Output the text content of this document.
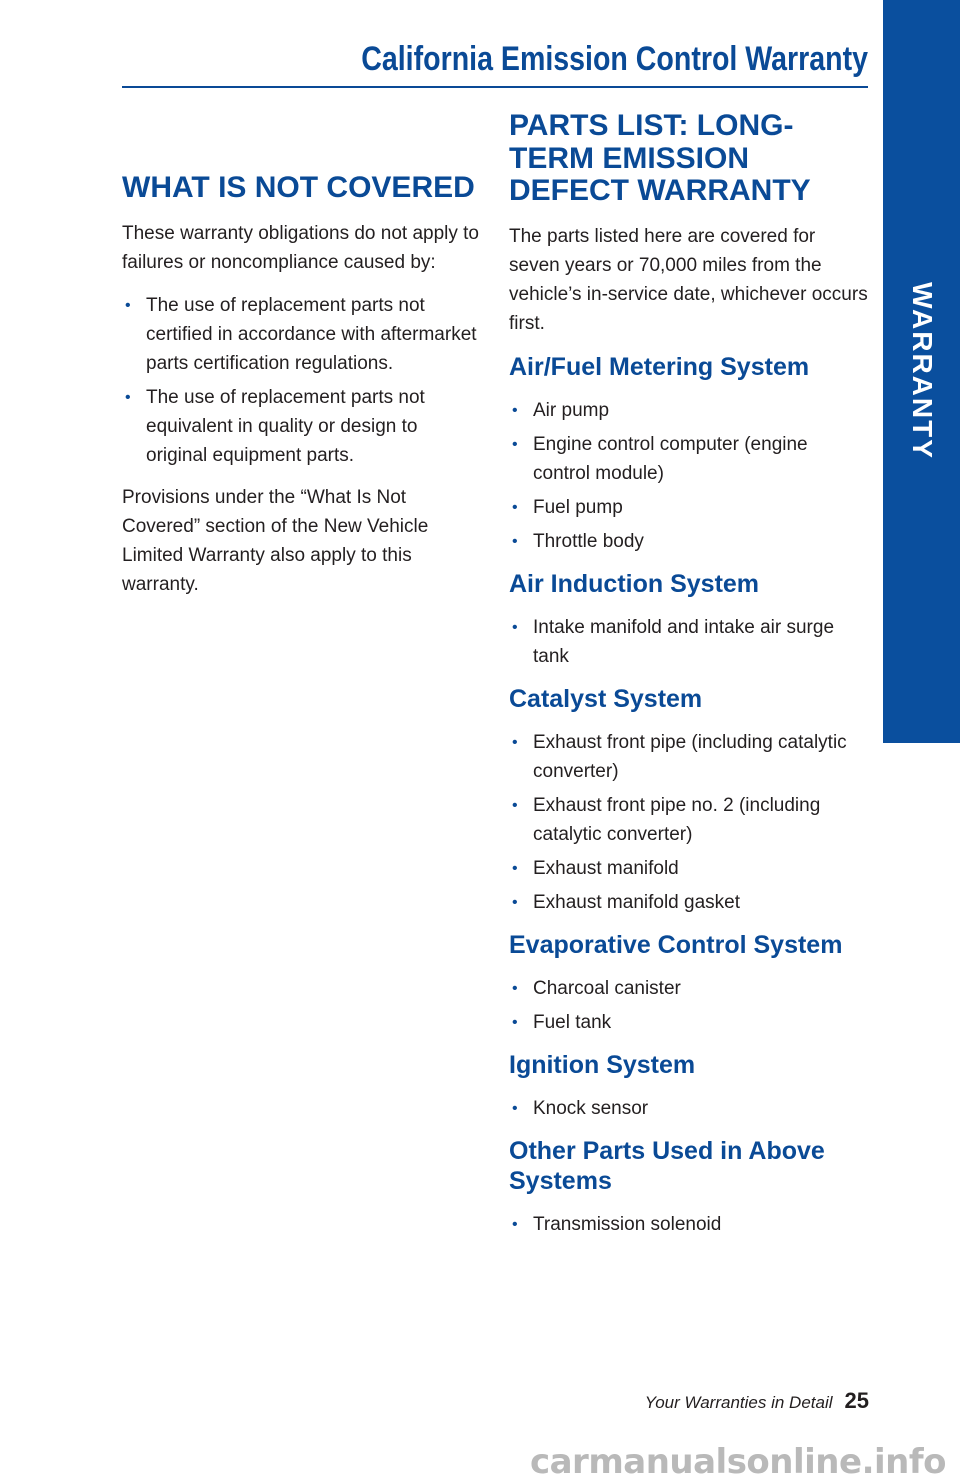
California Emission Control Warranty
WARRANTY
WHAT IS NOT COVERED

These warranty obligations do not apply to failures or noncompliance caused by:

• The use of replacement parts not certified in accordance with aftermarket parts certification regulations.
• The use of replacement parts not equivalent in quality or design to original equipment parts.

Provisions under the “What Is Not Covered” section of the New Vehicle Limited Warranty also apply to this warranty.

PARTS LIST: LONG-TERM EMISSION DEFECT WARRANTY

The parts listed here are covered for seven years or 70,000 miles from the vehicle’s in-service date, whichever occurs first.

Air/Fuel Metering System
• Air pump
• Engine control computer (engine control module)
• Fuel pump
• Throttle body
Air Induction System
• Intake manifold and intake air surge tank
Catalyst System
• Exhaust front pipe (including catalytic converter)
• Exhaust front pipe no. 2 (including catalytic converter)
• Exhaust manifold
• Exhaust manifold gasket
Evaporative Control System
• Charcoal canister
• Fuel tank
Ignition System
• Knock sensor
Other Parts Used in Above Systems
• Transmission solenoid
Your Warranties in Detail 25
carmanualsonline.info
